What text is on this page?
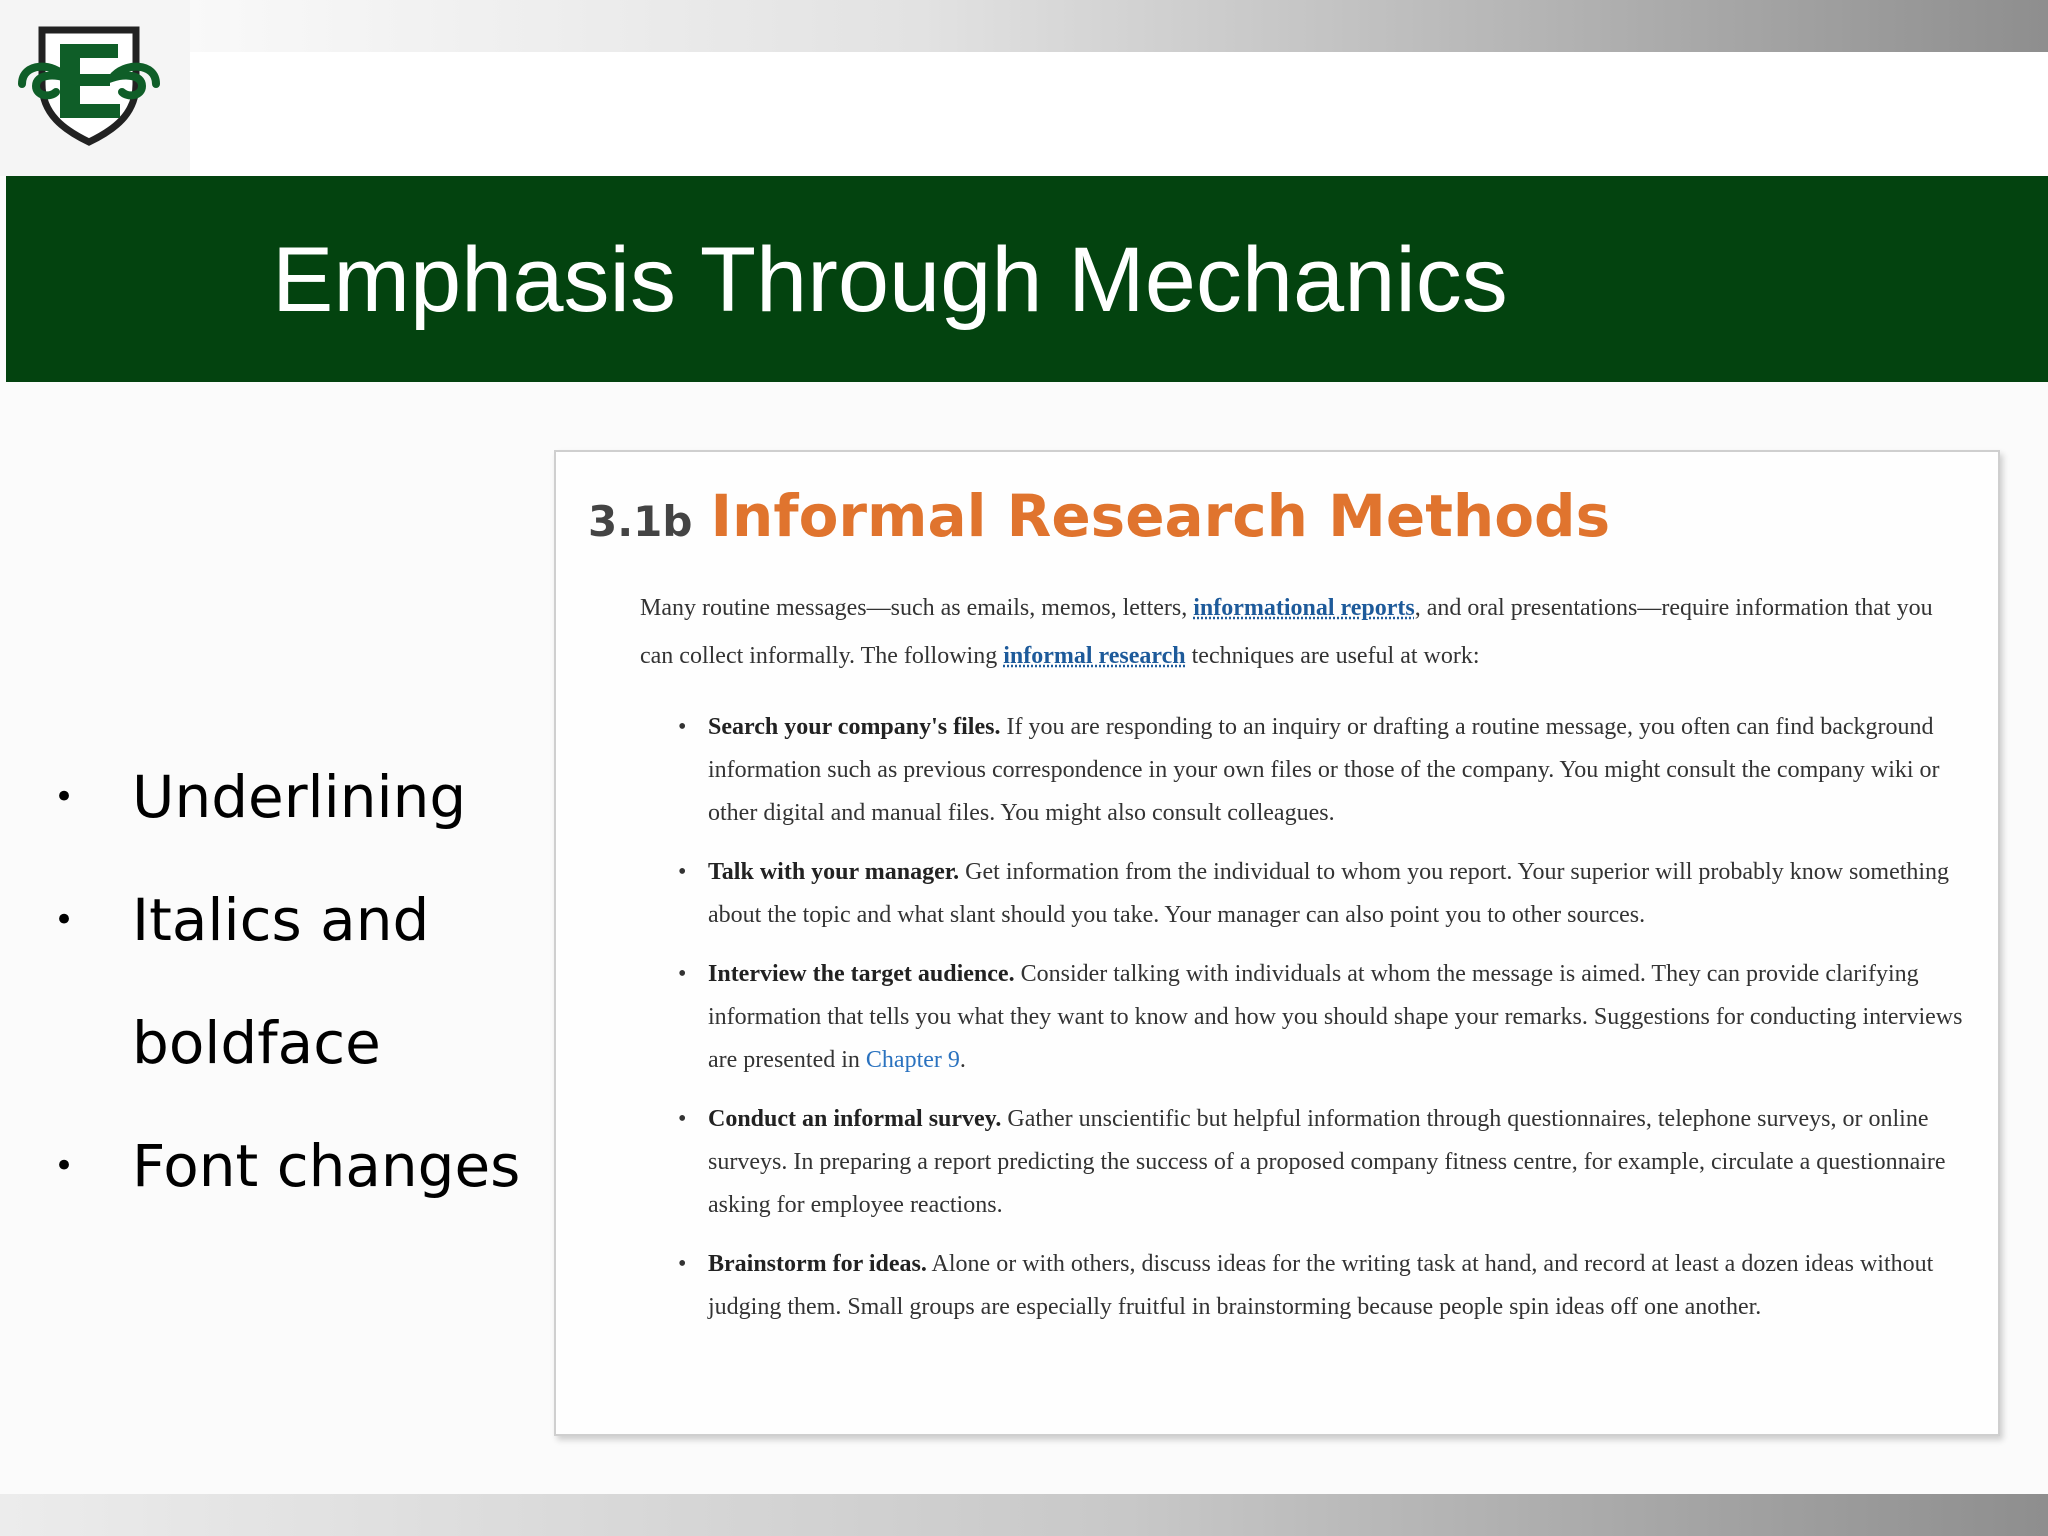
Emphasis Through Mechanics
• Underlining
• Italics and boldface
• Font changes
3.1b Informal Research Methods

Many routine messages—such as emails, memos, letters, informational reports, and oral presentations—require information that you can collect informally. The following informal research techniques are useful at work:

• Search your company's files. If you are responding to an inquiry or drafting a routine message, you often can find background information such as previous correspondence in your own files or those of the company. You might consult the company wiki or other digital and manual files. You might also consult colleagues.
• Talk with your manager. Get information from the individual to whom you report. Your superior will probably know something about the topic and what slant should you take. Your manager can also point you to other sources.
• Interview the target audience. Consider talking with individuals at whom the message is aimed. They can provide clarifying information that tells you what they want to know and how you should shape your remarks. Suggestions for conducting interviews are presented in Chapter 9.
• Conduct an informal survey. Gather unscientific but helpful information through questionnaires, telephone surveys, or online surveys. In preparing a report predicting the success of a proposed company fitness centre, for example, circulate a questionnaire asking for employee reactions.
• Brainstorm for ideas. Alone or with others, discuss ideas for the writing task at hand, and record at least a dozen ideas without judging them. Small groups are especially fruitful in brainstorming because people spin ideas off one another.
